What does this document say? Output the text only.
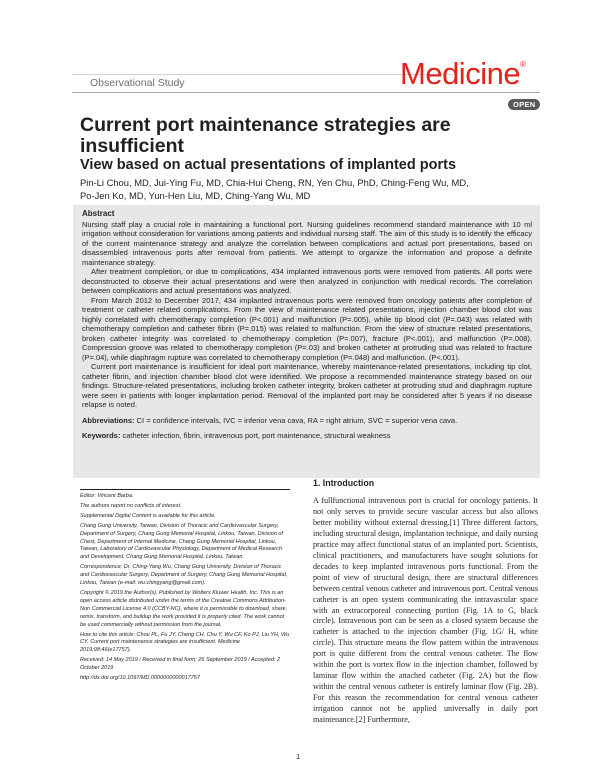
Observational Study	Medicine®
OPEN
Current port maintenance strategies are insufficient
View based on actual presentations of implanted ports
Pin-Li Chou, MD, Jui-Ying Fu, MD, Chia-Hui Cheng, RN, Yen Chu, PhD, Ching-Feng Wu, MD,
Po-Jen Ko, MD, Yun-Hen Liu, MD, Ching-Yang Wu, MD
Abstract

Nursing staff play a crucial role in maintaining a functional port. Nursing guidelines recommend standard maintenance with 10 ml irrigation without consideration for variations among patients and individual nursing staff. The aim of this study is to identify the efficacy of the current maintenance strategy and analyze the correlation between complications and actual port presentations, based on disassembled intravenous ports after removal from patients. We attempt to organize the information and propose a definite maintenance strategy.

After treatment completion, or due to complications, 434 implanted intravenous ports were removed from patients. All ports were deconstructed to observe their actual presentations and were then analyzed in conjunction with medical records. The correlation between complications and actual presentations was analyzed.

From March 2012 to December 2017, 434 implanted intravenous ports were removed from oncology patients after completion of treatment or catheter related complications. From the view of maintenance related presentations, injection chamber blood clot was highly correlated with chemotherapy completion (P<.001) and malfunction (P=.005), while tip blood clot (P=.043) was related with chemotherapy completion and catheter fibrin (P=.015) was related to malfunction. From the view of structure related presentations, broken catheter integrity was correlated to chemotherapy completion (P=.007), fracture (P<.001), and malfunction (P=.008). Compression groove was related to chemotherapy completion (P=.03) and broken catheter at protruding stud was related to fracture (P=.04), while diaphragm rupture was correlated to chemotherapy completion (P=.048) and malfunction. (P<.001).

Current port maintenance is insufficient for ideal port maintenance, whereby maintenance-related presentations, including tip clot, catheter fibrin, and injection chamber blood clot were identified. We propose a recommended maintenance strategy based on our findings. Structure-related presentations, including broken catheter integrity, broken catheter at protruding stud and diaphragm rupture were seen in patients with longer implantation period. Removal of the implanted port may be considered after 5 years if no disease relapse is noted.

Abbreviations: CI = confidence intervals, IVC = inferior vena cava, RA = right atrium, SVC = superior vena cava.

Keywords: catheter infection, fibrin, intravenous port, port maintenance, structural weakness

Editor: Vincent Barba.

The authors report no conflicts of interest.

Supplemental Digital Content is available for this article.

Chang Gung University, Taiwan, Division of Thoracic and Cardiovascular Surgery, Department of Surgery, Chang Gung Memorial Hospital, Linkou, Taiwan, Division of Chest, Department of Internal Medicine, Chang Gung Memorial Hospital, Linkou, Taiwan, Laboratory of Cardiovascular Physiology, Department of Medical Research and Development, Chang Gung Memorial Hospital, Linkou, Taiwan.

Correspondence: Dr. Ching-Yang Wu, Chang Gung University, Division of Thoracic and Cardiovascular Surgery, Department of Surgery, Chang Gung Memorial Hospital, Linkou, Taiwan (e-mail: wu.chingyang@gmail.com).

Copyright © 2019 the Author(s). Published by Wolters Kluwer Health, Inc. This is an open access article distributed under the terms of the Creative Commons Attribution-Non Commercial License 4.0 (CCBY-NC), where it is permissible to download, share, remix, transform, and buildup the work provided it is properly cited. The work cannot be used commercially without permission from the journal.

How to cite this article: Chou PL, Fu JY, Cheng CH, Chu Y, Wu CF, Ko PJ, Liu YH, Wu CY. Current port maintenance strategies are insufficient. Medicine 2019;98:46(e17757).

Received: 14 May 2019 / Received in final form: 26 September 2019 / Accepted: 2 October 2019

http://dx.doi.org/10.1097/MD.0000000000017757

1. Introduction

A fullfunctional intravenous port is crucial for oncology patients. It not only serves to provide secure vascular access but also allows better mobility without external dressing.[1] Three different factors, including structural design, implantation technique, and daily nursing practice may affect functional status of an implanted port. Scientists, clinical practitioners, and manufacturers have sought solutions for decades to keep implanted intravenous ports functional. From the point of view of structural design, there are structural differences between central venous catheter and intravenous port. Central venous catheter is an open system communicating the intravascular space with an extracorporeal connecting portion (Fig. 1A to G, black circle). Intravenous port can be seen as a closed system because the catheter is attached to the injection chamber (Fig. 1G/ H, white circle). This structure means the flow pattern within the intravenous port is quite different from the central venous catheter. The flow within the port is vortex flow in the injection chamber, followed by laminar flow within the attached catheter (Fig. 2A) but the flow within the central venous catheter is entirely laminar flow (Fig. 2B). For this reason the recommendation for central venous catheter irrigation cannot not be applied universally in daily port maintenance.[2] Furthermore,

1
